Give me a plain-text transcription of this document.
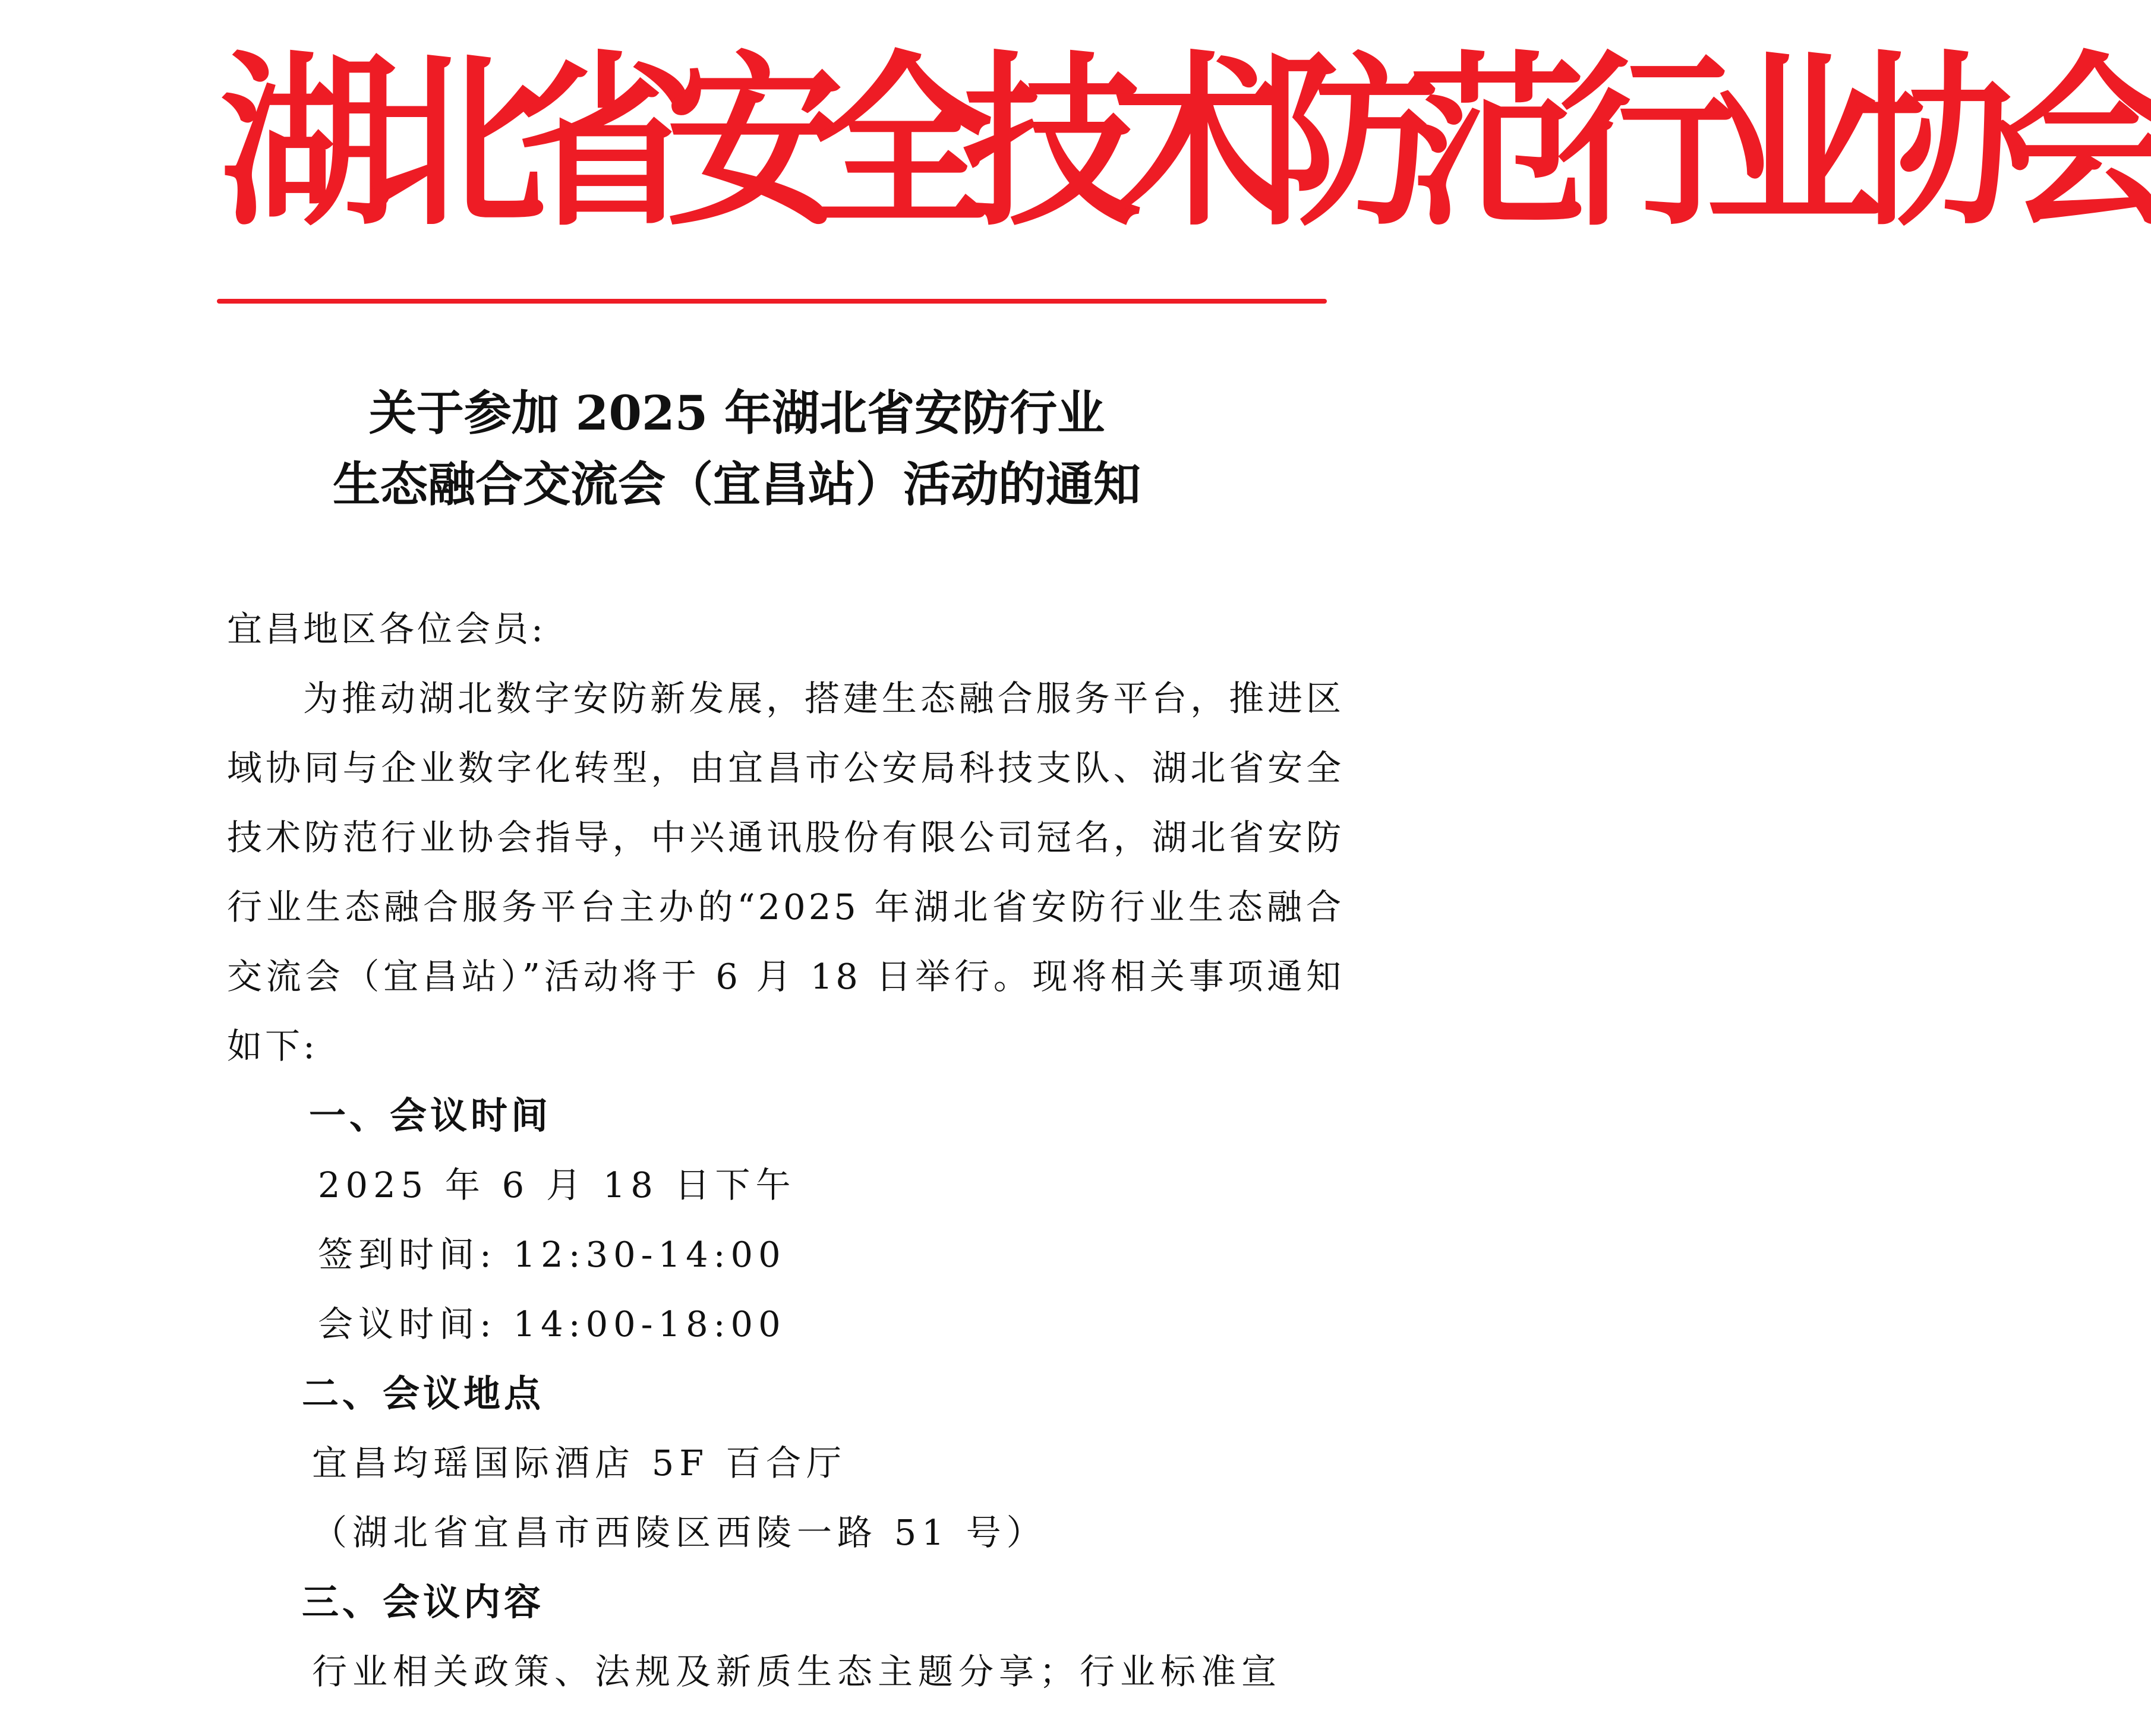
湖北省安全技术防范行业协会
关于参加 2025 年湖北省安防行业
生态融合交流会（宜昌站）活动的通知
宜昌地区各位会员:
为推动湖北数字安防新发展，搭建生态融合服务平台，推进区域协同与企业数字化转型，由宜昌市公安局科技支队、湖北省安全技术防范行业协会指导，中兴通讯股份有限公司冠名，湖北省安防行业生态融合服务平台主办的“2025 年湖北省安防行业生态融合交流会（宜昌站）”活动将于 6 月 18 日举行。现将相关事项通知如下:
一、会议时间
2025 年 6 月 18 日下午
签到时间: 12:30-14:00
会议时间: 14:00-18:00
二、会议地点
宜昌均瑶国际酒店 5F 百合厅
（湖北省宜昌市西陵区西陵一路 51 号）
三、会议内容
行业相关政策、法规及新质生态主题分享；行业标准宣
